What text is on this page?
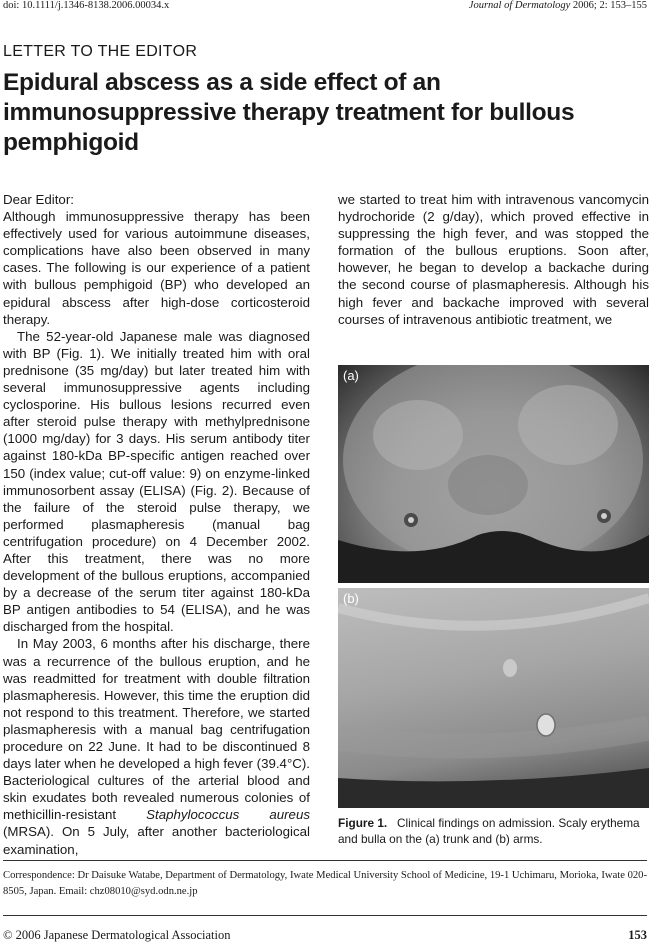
doi: 10.1111/j.1346-8138.2006.00034.x	Journal of Dermatology 2006; 2: 153–155
LETTER TO THE EDITOR
Epidural abscess as a side effect of an immunosuppressive therapy treatment for bullous pemphigoid

Dear Editor:

Although immunosuppressive therapy has been effectively used for various autoimmune diseases, complications have also been observed in many cases. The following is our experience of a patient with bullous pemphigoid (BP) who developed an epidural abscess after high-dose corticosteroid therapy.

The 52-year-old Japanese male was diagnosed with BP (Fig. 1). We initially treated him with oral prednisone (35 mg/day) but later treated him with several immunosuppressive agents including cyclosporine. His bullous lesions recurred even after steroid pulse therapy with methylprednisone (1000 mg/day) for 3 days. His serum antibody titer against 180-kDa BP-specific antigen reached over 150 (index value; cut-off value: 9) on enzyme-linked immunosorbent assay (ELISA) (Fig. 2). Because of the failure of the steroid pulse therapy, we performed plasmapheresis (manual bag centrifugation procedure) on 4 December 2002. After this treatment, there was no more development of the bullous eruptions, accompanied by a decrease of the serum titer against 180-kDa BP antigen antibodies to 54 (ELISA), and he was discharged from the hospital.

In May 2003, 6 months after his discharge, there was a recurrence of the bullous eruption, and he was readmitted for treatment with double filtration plasmapheresis. However, this time the eruption did not respond to this treatment. Therefore, we started plasmapheresis with a manual bag centrifugation procedure on 22 June. It had to be discontinued 8 days later when he developed a high fever (39.4°C). Bacteriological cultures of the arterial blood and skin exudates both revealed numerous colonies of methicillin-resistant Staphylococcus aureus (MRSA). On 5 July, after another bacteriological examination,

we started to treat him with intravenous vancomycin hydrochoride (2 g/day), which proved effective in suppressing the high fever, and was stopped the formation of the bullous eruptions. Soon after, however, he began to develop a backache during the second course of plasmapheresis. Although his high fever and backache improved with several courses of intravenous antibiotic treatment, we

(a)
(b)
Figure 1. Clinical findings on admission. Scaly erythema and bulla on the (a) trunk and (b) arms.
Correspondence: Dr Daisuke Watabe, Department of Dermatology, Iwate Medical University School of Medicine, 19-1 Uchimaru, Morioka, Iwate 020-8505, Japan. Email: chz08010@syd.odn.ne.jp
© 2006 Japanese Dermatological Association	153
